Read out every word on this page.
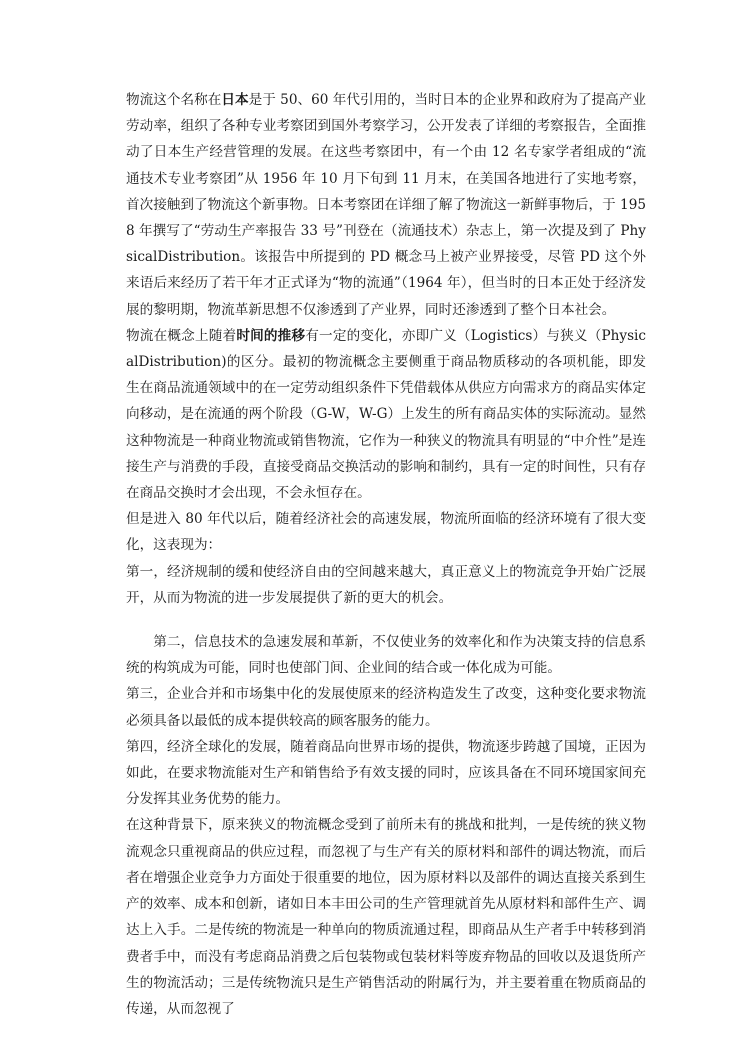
物流这个名称在日本是于 50、60 年代引用的，当时日本的企业界和政府为了提高产业劳动率，组织了各种专业考察团到国外考察学习，公开发表了详细的考察报告，全面推动了日本生产经营管理的发展。在这些考察团中，有一个由 12 名专家学者组成的“流通技术专业考察团”从 1956 年 10 月下旬到 11 月末，在美国各地进行了实地考察，首次接触到了物流这个新事物。日本考察团在详细了解了物流这一新鲜事物后，于 1958 年撰写了“劳动生产率报告 33 号”刊登在（流通技术）杂志上，第一次提及到了 PhysicalDistribution。该报告中所提到的 PD 概念马上被产业界接受，尽管 PD 这个外来语后来经历了若干年才正式译为“物的流通”（1964 年），但当时的日本正处于经济发展的黎明期，物流革新思想不仅渗透到了产业界，同时还渗透到了整个日本社会。

物流在概念上随着时间的推移有一定的变化，亦即广义（Logistics）与狭义（PhysicalDistribution)的区分。最初的物流概念主要侧重于商品物质移动的各项机能，即发生在商品流通领域中的在一定劳动组织条件下凭借载体从供应方向需求方的商品实体定向移动，是在流通的两个阶段（G-W，W-G）上发生的所有商品实体的实际流动。显然这种物流是一种商业物流或销售物流，它作为一种狭义的物流具有明显的“中介性”是连接生产与消费的手段，直接受商品交换活动的影响和制约，具有一定的时间性，只有存在商品交换时才会出现，不会永恒存在。

但是进入 80 年代以后，随着经济社会的高速发展，物流所面临的经济环境有了很大变化，这表现为：

第一，经济规制的缓和使经济自由的空间越来越大，真正意义上的物流竞争开始广泛展开，从而为物流的进一步发展提供了新的更大的机会。

第二，信息技术的急速发展和革新，不仅使业务的效率化和作为决策支持的信息系统的构筑成为可能，同时也使部门间、企业间的结合或一体化成为可能。

第三，企业合并和市场集中化的发展使原来的经济构造发生了改变，这种变化要求物流必须具备以最低的成本提供较高的顾客服务的能力。

第四，经济全球化的发展，随着商品向世界市场的提供，物流逐步跨越了国境，正因为如此，在要求物流能对生产和销售给予有效支援的同时，应该具备在不同环境国家间充分发挥其业务优势的能力。

在这种背景下，原来狭义的物流概念受到了前所未有的挑战和批判，一是传统的狭义物流观念只重视商品的供应过程，而忽视了与生产有关的原材料和部件的调达物流，而后者在增强企业竞争力方面处于很重要的地位，因为原材料以及部件的调达直接关系到生产的效率、成本和创新，诸如日本丰田公司的生产管理就首先从原材料和部件生产、调达上入手。二是传统的物流是一种单向的物质流通过程，即商品从生产者手中转移到消费者手中，而没有考虑商品消费之后包装物或包装材料等废弃物品的回收以及退货所产生的物流活动；三是传统物流只是生产销售活动的附属行为，并主要着重在物质商品的传递，从而忽视了
